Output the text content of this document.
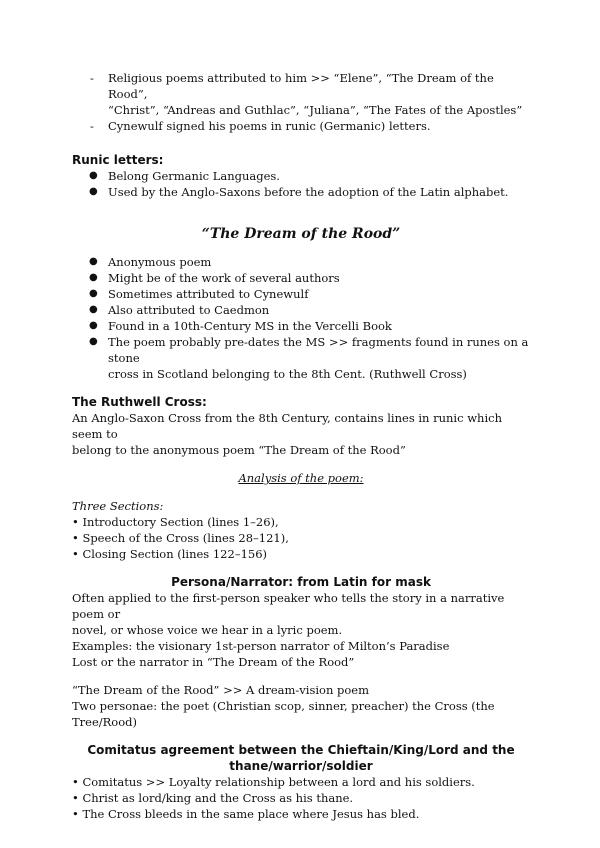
- Religious poems attributed to him >> “Elene”, “The Dream of the Rood”,
“Christ”, “Andreas and Guthlac”, “Juliana”, “The Fates of the Apostles”
- Cynewulf signed his poems in runic (Germanic) letters.
Runic letters:
● Belong Germanic Languages.
● Used by the Anglo-Saxons before the adoption of the Latin alphabet.
“The Dream of the Rood”
● Anonymous poem
● Might be of the work of several authors
● Sometimes attributed to Cynewulf
● Also attributed to Caedmon
● Found in a 10th-Century MS in the Vercelli Book
● The poem probably pre-dates the MS >> fragments found in runes on a stone
cross in Scotland belonging to the 8th Cent. (Ruthwell Cross)
The Ruthwell Cross:

An Anglo-Saxon Cross from the 8th Century, contains lines in runic which seem to

belong to the anonymous poem “The Dream of the Rood”

Analysis of the poem:
Three Sections:
• Introductory Section (lines 1–26),
• Speech of the Cross (lines 28–121),
• Closing Section (lines 122–156)
Persona/Narrator: from Latin for mask

Often applied to the first-person speaker who tells the story in a narrative poem or

novel, or whose voice we hear in a lyric poem.

Examples: the visionary 1st-person narrator of Milton’s Paradise

Lost or the narrator in “The Dream of the Rood”

“The Dream of the Rood” >> A dream-vision poem

Two personae: the poet (Christian scop, sinner, preacher) the Cross (the Tree/Rood)

Comitatus agreement between the Chieftain/King/Lord and the
thane/warrior/soldier
• Comitatus >> Loyalty relationship between a lord and his soldiers.
• Christ as lord/king and the Cross as his thane.
• The Cross bleeds in the same place where Jesus has bled.
